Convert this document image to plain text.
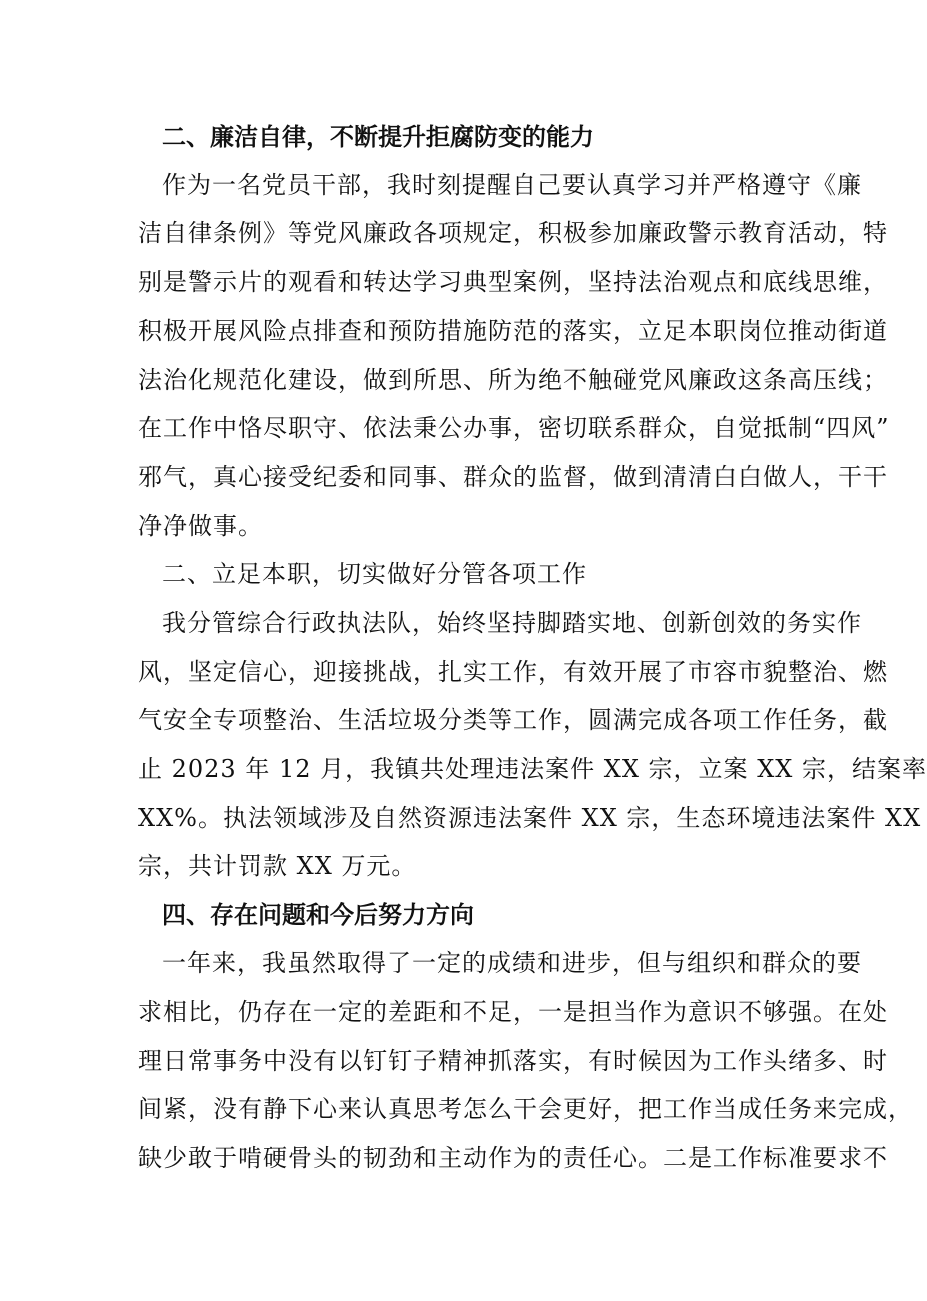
二、廉洁自律，不断提升拒腐防变的能力
作为一名党员干部，我时刻提醒自己要认真学习并严格遵守《廉
洁自律条例》等党风廉政各项规定，积极参加廉政警示教育活动，特
别是警示片的观看和转达学习典型案例，坚持法治观点和底线思维，
积极开展风险点排查和预防措施防范的落实，立足本职岗位推动街道
法治化规范化建设，做到所思、所为绝不触碰党风廉政这条高压线；
在工作中恪尽职守、依法秉公办事，密切联系群众，自觉抵制“四风”
邪气，真心接受纪委和同事、群众的监督，做到清清白白做人，干干
净净做事。
二、立足本职，切实做好分管各项工作
我分管综合行政执法队，始终坚持脚踏实地、创新创效的务实作
风，坚定信心，迎接挑战，扎实工作，有效开展了市容市貌整治、燃
气安全专项整治、生活垃圾分类等工作，圆满完成各项工作任务，截
止 2023 年 12 月，我镇共处理违法案件 XX 宗，立案 XX 宗，结案率
XX%。执法领域涉及自然资源违法案件 XX 宗，生态环境违法案件 XX
宗，共计罚款 XX 万元。
四、存在问题和今后努力方向
一年来，我虽然取得了一定的成绩和进步，但与组织和群众的要
求相比，仍存在一定的差距和不足，一是担当作为意识不够强。在处
理日常事务中没有以钉钉子精神抓落实，有时候因为工作头绪多、时
间紧，没有静下心来认真思考怎么干会更好，把工作当成任务来完成，
缺少敢于啃硬骨头的韧劲和主动作为的责任心。二是工作标准要求不
